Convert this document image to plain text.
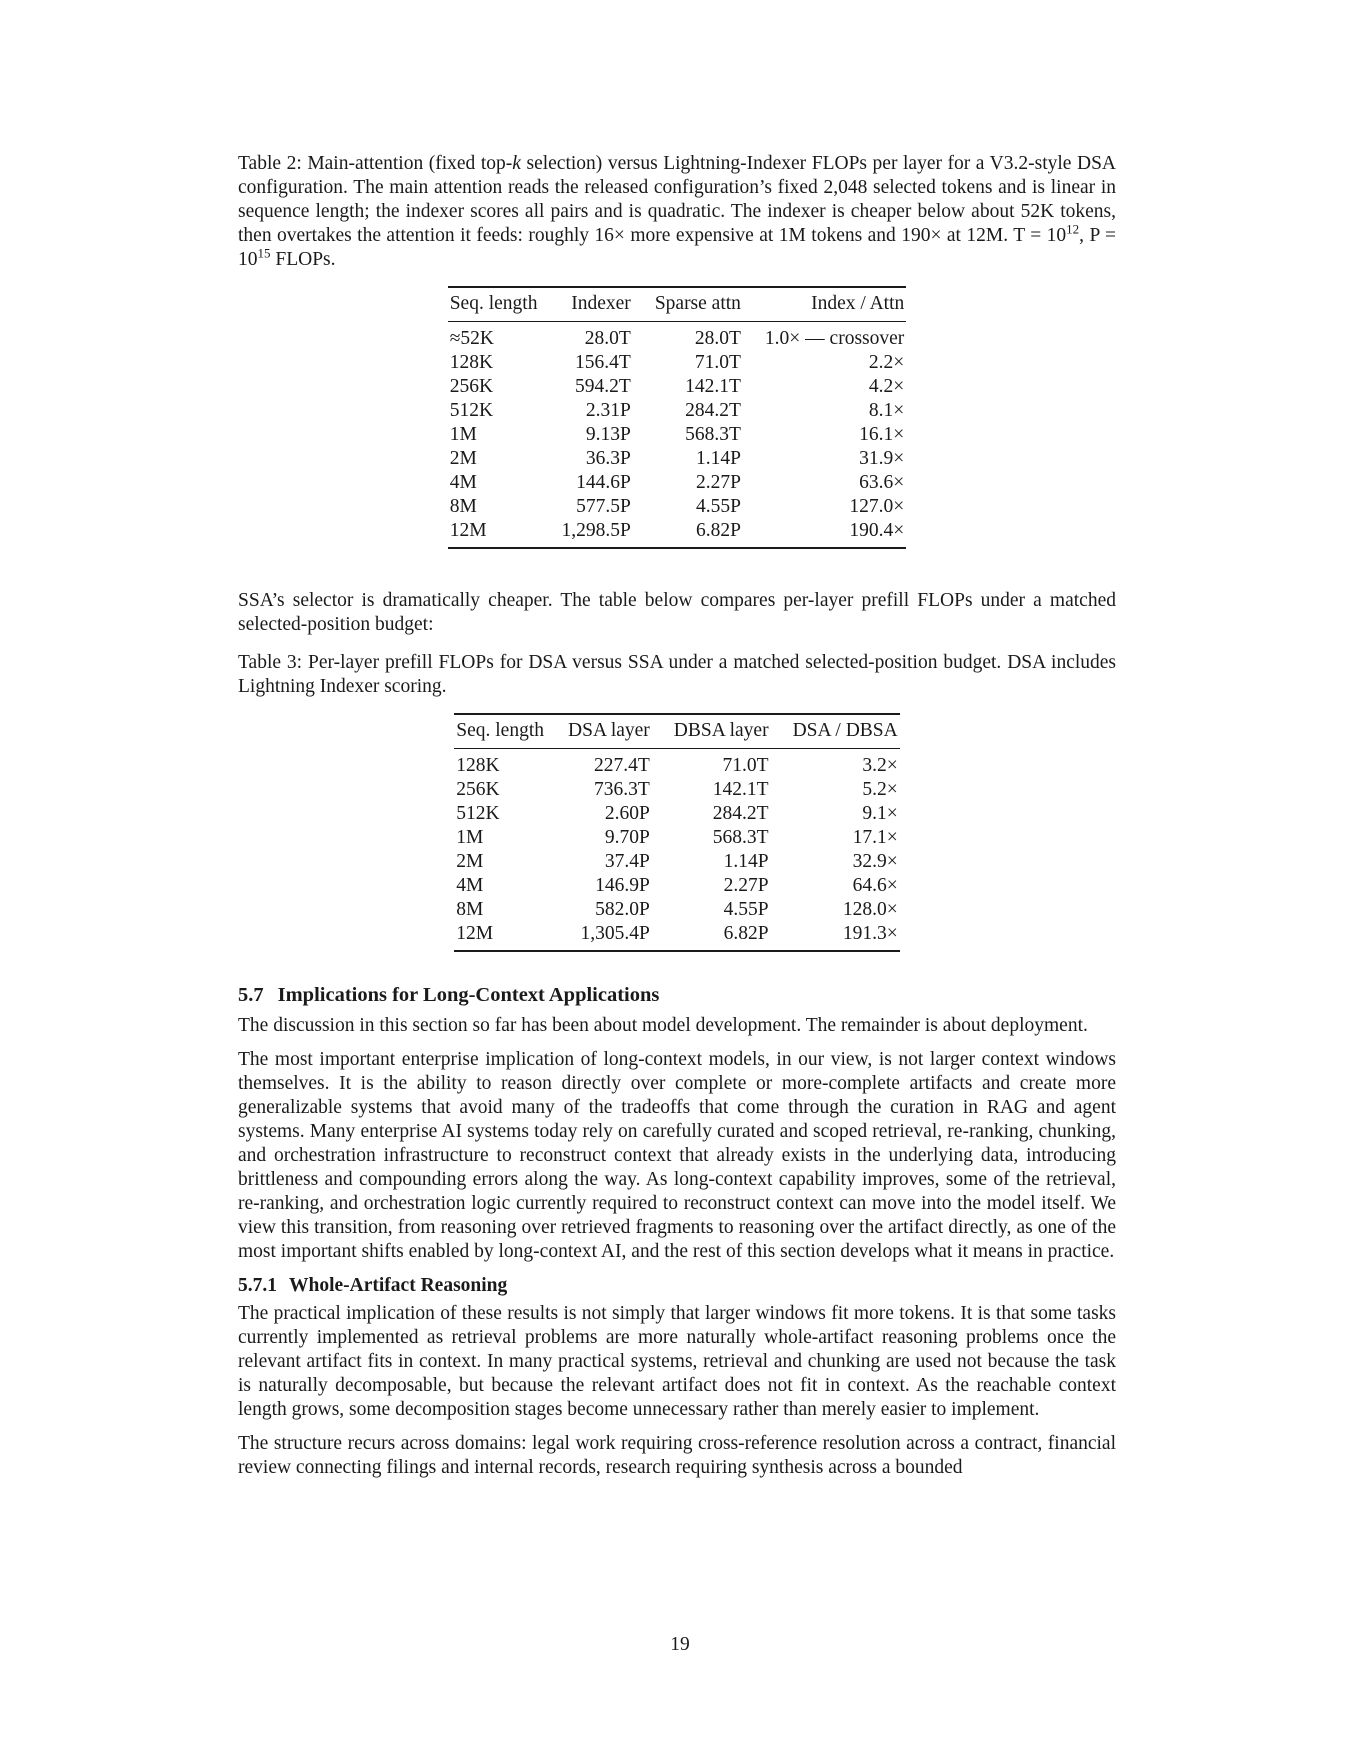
Table 2: Main-attention (fixed top-k selection) versus Lightning-Indexer FLOPs per layer for a V3.2-style DSA configuration. The main attention reads the released configuration’s fixed 2,048 selected tokens and is linear in sequence length; the indexer scores all pairs and is quadratic. The indexer is cheaper below about 52K tokens, then overtakes the attention it feeds: roughly 16× more expensive at 1M tokens and 190× at 12M. $T = 10^{12}$, $P = 10^{15}$ FLOPs.

Seq. length	Indexer	Sparse attn	Index / Attn
≈52K	28.0T	28.0T	1.0× — crossover
128K	156.4T	71.0T	2.2×
256K	594.2T	142.1T	4.2×
512K	2.31P	284.2T	8.1×
1M	9.13P	568.3T	16.1×
2M	36.3P	1.14P	31.9×
4M	144.6P	2.27P	63.6×
8M	577.5P	4.55P	127.0×
12M	1,298.5P	6.82P	190.4×

SSA’s selector is dramatically cheaper. The table below compares per-layer prefill FLOPs under a matched selected-position budget:

Table 3: Per-layer prefill FLOPs for DSA versus SSA under a matched selected-position budget. DSA includes Lightning Indexer scoring.

Seq. length	DSA layer	DBSA layer	DSA / DBSA
128K	227.4T	71.0T	3.2×
256K	736.3T	142.1T	5.2×
512K	2.60P	284.2T	9.1×
1M	9.70P	568.3T	17.1×
2M	37.4P	1.14P	32.9×
4M	146.9P	2.27P	64.6×
8M	582.0P	4.55P	128.0×
12M	1,305.4P	6.82P	191.3×
5.7 Implications for Long-Context Applications

The discussion in this section so far has been about model development. The remainder is about deployment.

The most important enterprise implication of long-context models, in our view, is not larger context windows themselves. It is the ability to reason directly over complete or more-complete artifacts and create more generalizable systems that avoid many of the tradeoffs that come through the curation in RAG and agent systems. Many enterprise AI systems today rely on carefully curated and scoped retrieval, re-ranking, chunking, and orchestration infrastructure to reconstruct context that already exists in the underlying data, introducing brittleness and compounding errors along the way. As long-context capability improves, some of the retrieval, re-ranking, and orchestration logic currently required to reconstruct context can move into the model itself. We view this transition, from reasoning over retrieved fragments to reasoning over the artifact directly, as one of the most important shifts enabled by long-context AI, and the rest of this section develops what it means in practice.

5.7.1 Whole-Artifact Reasoning

The practical implication of these results is not simply that larger windows fit more tokens. It is that some tasks currently implemented as retrieval problems are more naturally whole-artifact reasoning problems once the relevant artifact fits in context. In many practical systems, retrieval and chunking are used not because the task is naturally decomposable, but because the relevant artifact does not fit in context. As the reachable context length grows, some decomposition stages become unnecessary rather than merely easier to implement.

The structure recurs across domains: legal work requiring cross-reference resolution across a contract, financial review connecting filings and internal records, research requiring synthesis across a bounded

19
